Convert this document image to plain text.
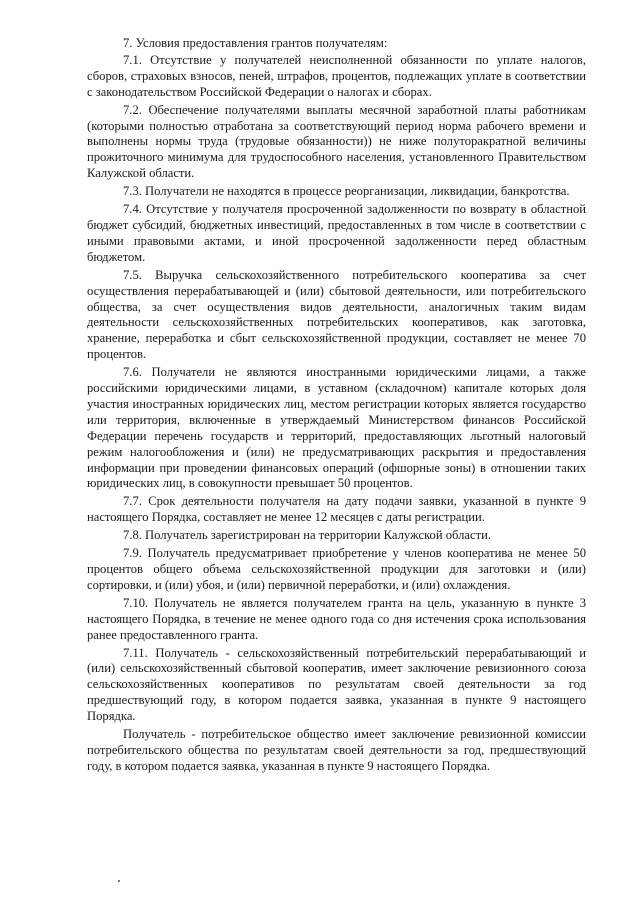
7. Условия предоставления грантов получателям:

7.1. Отсутствие у получателей неисполненной обязанности по уплате налогов, сборов, страховых взносов, пеней, штрафов, процентов, подлежащих уплате в соответствии с законодательством Российской Федерации о налогах и сборах.

7.2. Обеспечение получателями выплаты месячной заработной платы работникам (которыми полностью отработана за соответствующий период норма рабочего времени и выполнены нормы труда (трудовые обязанности)) не ниже полуторакратной величины прожиточного минимума для трудоспособного населения, установленного Правительством Калужской области.

7.3. Получатели не находятся в процессе реорганизации, ликвидации, банкротства.

7.4. Отсутствие у получателя просроченной задолженности по возврату в областной бюджет субсидий, бюджетных инвестиций, предоставленных в том числе в соответствии с иными правовыми актами, и иной просроченной задолженности перед областным бюджетом.

7.5. Выручка сельскохозяйственного потребительского кооператива за счет осуществления перерабатывающей и (или) сбытовой деятельности, или потребительского общества, за счет осуществления видов деятельности, аналогичных таким видам деятельности сельскохозяйственных потребительских кооперативов, как заготовка, хранение, переработка и сбыт сельскохозяйственной продукции, составляет не менее 70 процентов.

7.6. Получатели не являются иностранными юридическими лицами, а также российскими юридическими лицами, в уставном (складочном) капитале которых доля участия иностранных юридических лиц, местом регистрации которых является государство или территория, включенные в утверждаемый Министерством финансов Российской Федерации перечень государств и территорий, предоставляющих льготный налоговый режим налогообложения и (или) не предусматривающих раскрытия и предоставления информации при проведении финансовых операций (офшорные зоны) в отношении таких юридических лиц, в совокупности превышает 50 процентов.

7.7. Срок деятельности получателя на дату подачи заявки, указанной в пункте 9 настоящего Порядка, составляет не менее 12 месяцев с даты регистрации.

7.8. Получатель зарегистрирован на территории Калужской области.

7.9. Получатель предусматривает приобретение у членов кооператива не менее 50 процентов общего объема сельскохозяйственной продукции для заготовки и (или) сортировки, и (или) убоя, и (или) первичной переработки, и (или) охлаждения.

7.10. Получатель не является получателем гранта на цель, указанную в пункте 3 настоящего Порядка, в течение не менее одного года со дня истечения срока использования ранее предоставленного гранта.

7.11. Получатель - сельскохозяйственный потребительский перерабатывающий и (или) сельскохозяйственный сбытовой кооператив, имеет заключение ревизионного союза сельскохозяйственных кооперативов по результатам своей деятельности за год предшествующий году, в котором подается заявка, указанная в пункте 9 настоящего Порядка.

Получатель - потребительское общество имеет заключение ревизионной комиссии потребительского общества по результатам своей деятельности за год, предшествующий году, в котором подается заявка, указанная в пункте 9 настоящего Порядка.
